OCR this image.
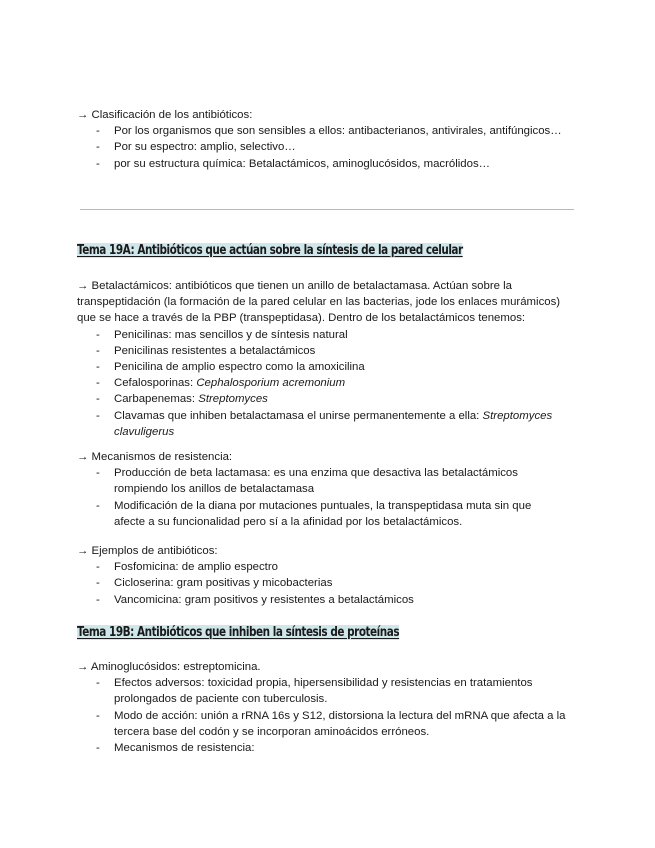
→ Clasificación de los antibióticos:

- Por los organismos que son sensibles a ellos: antibacterianos, antivirales, antifúngicos…
- Por su espectro: amplio, selectivo…
- por su estructura química: Betalactámicos, aminoglucósidos, macrólidos…
Tema 19A: Antibióticos que actúan sobre la síntesis de la pared celular

→ Betalactámicos: antibióticos que tienen un anillo de betalactamasa. Actúan sobre la transpeptidación (la formación de la pared celular en las bacterias, jode los enlaces murámicos) que se hace a través de la PBP (transpeptidasa). Dentro de los betalactámicos tenemos:

- Penicilinas: mas sencillos y de síntesis natural
- Penicilinas resistentes a betalactámicos
- Penicilina de amplio espectro como la amoxicilina
- Cefalosporinas: Cephalosporium acremonium
- Carbapenemas: Streptomyces
- Clavamas que inhiben betalactamasa el unirse permanentemente a ella: Streptomyces clavuligerus

→ Mecanismos de resistencia:

- Producción de beta lactamasa: es una enzima que desactiva las betalactámicos rompiendo los anillos de betalactamasa
- Modificación de la diana por mutaciones puntuales, la transpeptidasa muta sin que afecte a su funcionalidad pero sí a la afinidad por los betalactámicos.

→ Ejemplos de antibióticos:

- Fosfomicina: de amplio espectro
- Cicloserina: gram positivas y micobacterias
- Vancomicina: gram positivos y resistentes a betalactámicos
Tema 19B: Antibióticos que inhiben la síntesis de proteínas

→ Aminoglucósidos: estreptomicina.

- Efectos adversos: toxicidad propia, hipersensibilidad y resistencias en tratamientos prolongados de paciente con tuberculosis.
- Modo de acción: unión a rRNA 16s y S12, distorsiona la lectura del mRNA que afecta a la tercera base del codón y se incorporan aminoácidos erróneos.
- Mecanismos de resistencia:
